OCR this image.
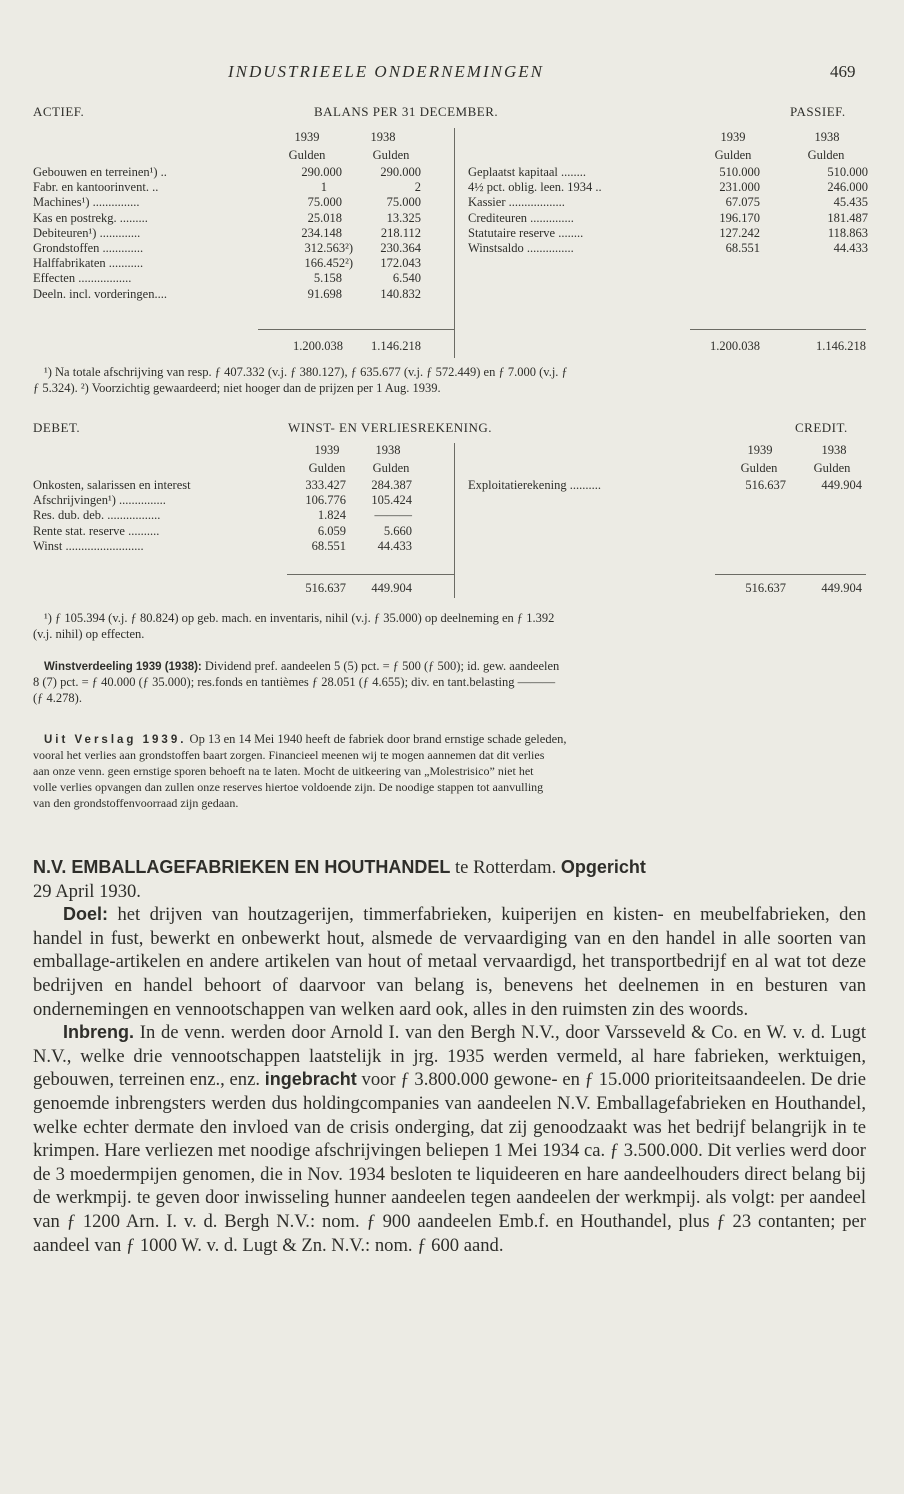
INDUSTRIEELE ONDERNEMINGEN	469
ACTIEF.	BALANS PER 31 DECEMBER.	PASSIEF.
1939	1938	1939	1938
Gulden	Gulden	Gulden	Gulden
Gebouwen en terreinen¹) ..	290.000	290.000
Fabr. en kantoorinvent. ..	1	2
Machines¹) ...............	75.000	75.000
Kas en postrekg. .........	25.018	13.325
Debiteuren¹) .............	234.148	218.112
Grondstoffen .............	312.563²) 230.364
Halffabrikaten ...........	166.452²) 172.043
Effecten .................	5.158	6.540
Deeln. incl. vorderingen....	91.698	140.832
Geplaatst kapitaal ........	510.000	510.000
4½ pct. oblig. leen. 1934 ..	231.000	246.000
Kassier ..................	67.075	45.435
Crediteuren ..............	196.170	181.487
Statutaire reserve ........	127.242	118.863
Winstsaldo ...............	68.551	44.433
1.200.038	1.146.218	1.200.038	1.146.218
¹) Na totale afschrijving van resp. ƒ 407.332 (v.j. ƒ 380.127), ƒ 635.677 (v.j. ƒ 572.449) en ƒ 7.000 (v.j. ƒ
ƒ 5.324). ²) Voorzichtig gewaardeerd; niet hooger dan de prijzen per 1 Aug. 1939.
DEBET.	WINST- EN VERLIESREKENING.	CREDIT.
1939	1938	1939	1938
Gulden	Gulden	Gulden	Gulden
Onkosten, salarissen en interest	333.427 284.387
Afschrijvingen¹) ...............	106.776 105.424
Res. dub. deb. .................	1.824 ———
Rente stat. reserve ..........	6.059	5.660
Winst .........................	68.551	44.433
Exploitatierekening ..........	516.637	449.904
516.637	449.904	516.637	449.904
¹) ƒ 105.394 (v.j. ƒ 80.824) op geb. mach. en inventaris, nihil (v.j. ƒ 35.000) op deelneming en ƒ 1.392
(v.j. nihil) op effecten.
Winstverdeeling 1939 (1938): Dividend pref. aandeelen 5 (5) pct. = ƒ 500 (ƒ 500); id. gew. aandeelen
8 (7) pct. = ƒ 40.000 (ƒ 35.000); res.fonds en tantièmes ƒ 28.051 (ƒ 4.655); div. en tant.belasting ———
(ƒ 4.278).
Uit Verslag 1939. Op 13 en 14 Mei 1940 heeft de fabriek door brand ernstige schade geleden,
vooral het verlies aan grondstoffen baart zorgen. Financieel meenen wij te mogen aannemen dat dit verlies
aan onze venn. geen ernstige sporen behoeft na te laten. Mocht de uitkeering van „Molestrisico” niet het
volle verlies opvangen dan zullen onze reserves hiertoe voldoende zijn. De noodige stappen tot aanvulling
van den grondstoffenvoorraad zijn gedaan.

N.V. EMBALLAGEFABRIEKEN EN HOUTHANDEL te Rotterdam. Opgericht
29 April 1930.

Doel: het drijven van houtzagerijen, timmerfabrieken, kuiperijen en kisten- en meubelfabrieken, den handel in fust, bewerkt en onbewerkt hout, alsmede de vervaardiging van en den handel in alle soorten van emballage-artikelen en andere artikelen van hout of metaal vervaardigd, het transportbedrijf en al wat tot deze bedrijven en handel behoort of daarvoor van belang is, benevens het deelnemen in en besturen van ondernemingen en vennootschappen van welken aard ook, alles in den ruimsten zin des woords.

Inbreng. In de venn. werden door Arnold I. van den Bergh N.V., door Varsseveld & Co. en W. v. d. Lugt N.V., welke drie vennootschappen laatstelijk in jrg. 1935 werden vermeld, al hare fabrieken, werktuigen, gebouwen, terreinen enz., enz. ingebracht voor ƒ 3.800.000 gewone- en ƒ 15.000 prioriteitsaandeelen. De drie genoemde inbrengsters werden dus holdingcompanies van aandeelen N.V. Emballagefabrieken en Houthandel, welke echter dermate den invloed van de crisis onderging, dat zij genoodzaakt was het bedrijf belangrijk in te krimpen. Hare verliezen met noodige afschrijvingen beliepen 1 Mei 1934 ca. ƒ 3.500.000. Dit verlies werd door de 3 moedermpijen genomen, die in Nov. 1934 besloten te liquideeren en hare aandeelhouders direct belang bij de werkmpij. te geven door inwisseling hunner aandeelen tegen aandeelen der werkmpij. als volgt: per aandeel van ƒ 1200 Arn. I. v. d. Bergh N.V.: nom. ƒ 900 aandeelen Emb.f. en Houthandel, plus ƒ 23 contanten; per aandeel van ƒ 1000 W. v. d. Lugt & Zn. N.V.: nom. ƒ 600 aand.
